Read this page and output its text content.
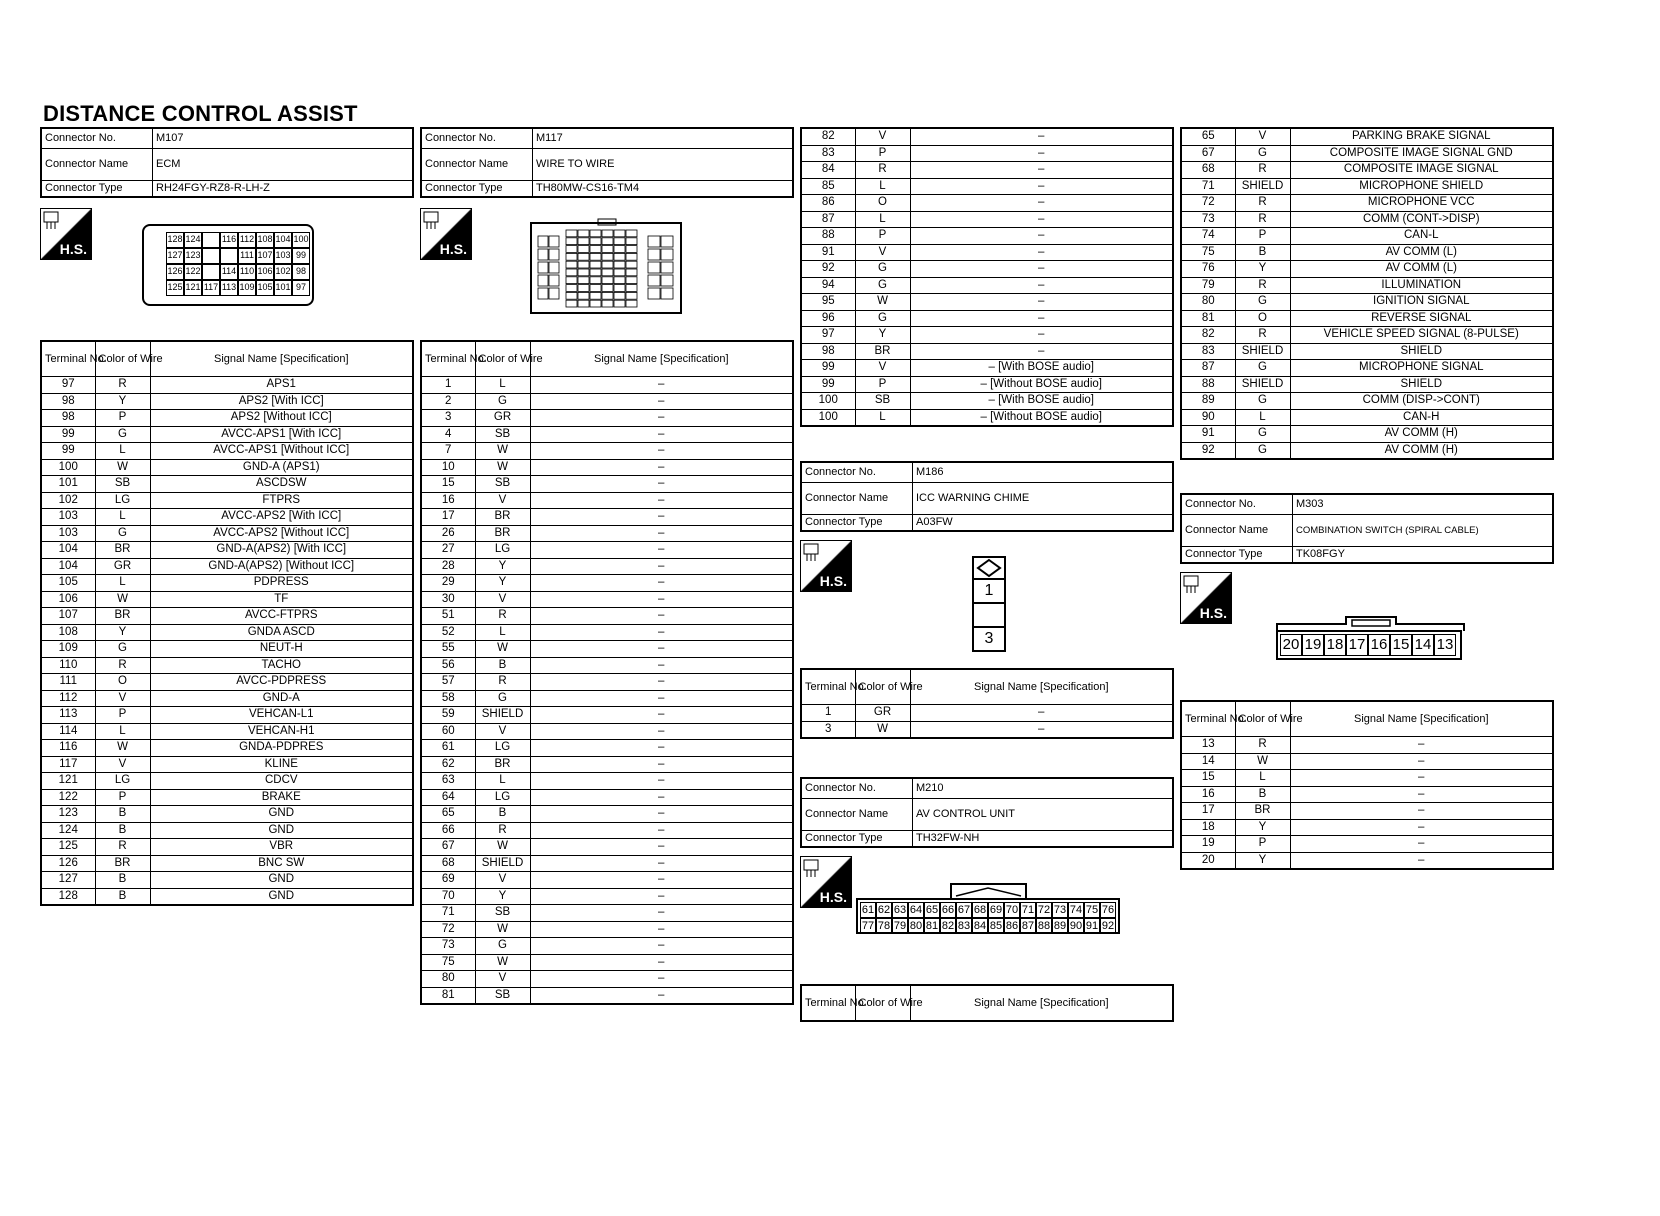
DISTANCE CONTROL ASSIST
Connector No.	M107
Connector Name	ECM
Connector Type	RH24FGY-RZ8-R-LH-Z
H.S.
128 124 116 112 108 104 100
127 123	111 107 103 99
126 122 114 110 106 102 98
125 121 117 113 109 105 101 97
Terminal No.	Color of Wire	Signal Name [Specification]
97	R	APS1
98	Y	APS2 [With ICC]
98	P	APS2 [Without ICC]
99	G	AVCC-APS1 [With ICC]
99	L	AVCC-APS1 [Without ICC]
100	W	GND-A (APS1)
101	SB	ASCDSW
102	LG	FTPRS
103	L	AVCC-APS2 [With ICC]
103	G	AVCC-APS2 [Without ICC]
104	BR	GND-A(APS2) [With ICC]
104	GR	GND-A(APS2) [Without ICC]
105	L	PDPRESS
106	W	TF
107	BR	AVCC-FTPRS
108	Y	GNDA ASCD
109	G	NEUT-H
110	R	TACHO
111	O	AVCC-PDPRESS
112	V	GND-A
113	P	VEHCAN-L1
114	L	VEHCAN-H1
116	W	GNDA-PDPRES
117	V	KLINE
121	LG	CDCV
122	P	BRAKE
123	B	GND
124	B	GND
125	R	VBR
126	BR	BNC SW
127	B	GND
128	B	GND
Connector No.	M117
Connector Name	WIRE TO WIRE
Connector Type	TH80MW-CS16-TM4
H.S.
Terminal No.	Color of Wire	Signal Name [Specification]
1	L	–
2	G	–
3	GR	–
4	SB	–
7	W	–
10	W	–
15	SB	–
16	V	–
17	BR	–
26	BR	–
27	LG	–
28	Y	–
29	Y	–
30	V	–
51	R	–
52	L	–
55	W	–
56	B	–
57	R	–
58	G	–
59	SHIELD	–
60	V	–
61	LG	–
62	BR	–
63	L	–
64	LG	–
65	B	–
66	R	–
67	W	–
68	SHIELD	–
69	V	–
70	Y	–
71	SB	–
72	W	–
73	G	–
75	W	–
80	V	–
81	SB	–
82	V	–
83	P	–
84	R	–
85	L	–
86	O	–
87	L	–
88	P	–
91	V	–
92	G	–
94	G	–
95	W	–
96	G	–
97	Y	–
98	BR	–
99	V	– [With BOSE audio]
99	P	– [Without BOSE audio]
100	SB	– [With BOSE audio]
100	L	– [Without BOSE audio]
Connector No.	M186
Connector Name	ICC WARNING CHIME
Connector Type	A03FW
H.S.
1
3
Terminal No.	Color of Wire	Signal Name [Specification]
1	GR	–
3	W	–
Connector No.	M210
Connector Name	AV CONTROL UNIT
Connector Type	TH32FW-NH
H.S.
61 62 63 64 65 66 67 68 69 70 71 72 73 74 75 76
77 78 79 80 81 82 83 84 85 86 87 88 89 90 91 92
Terminal No.	Color of Wire	Signal Name [Specification]
65	V	PARKING BRAKE SIGNAL
67	G	COMPOSITE IMAGE SIGNAL GND
68	R	COMPOSITE IMAGE SIGNAL
71	SHIELD	MICROPHONE SHIELD
72	R	MICROPHONE VCC
73	R	COMM (CONT->DISP)
74	P	CAN-L
75	B	AV COMM (L)
76	Y	AV COMM (L)
79	R	ILLUMINATION
80	G	IGNITION SIGNAL
81	O	REVERSE SIGNAL
82	R	VEHICLE SPEED SIGNAL (8-PULSE)
83	SHIELD	SHIELD
87	G	MICROPHONE SIGNAL
88	SHIELD	SHIELD
89	G	COMM (DISP->CONT)
90	L	CAN-H
91	G	AV COMM (H)
92	G	AV COMM (H)
Connector No.	M303
Connector Name	COMBINATION SWITCH (SPIRAL CABLE)
Connector Type	TK08FGY
H.S.
20 19 18 17 16 15 14 13
Terminal No.	Color of Wire	Signal Name [Specification]
13	R	–
14	W	–
15	L	–
16	B	–
17	BR	–
18	Y	–
19	P	–
20	Y	–
